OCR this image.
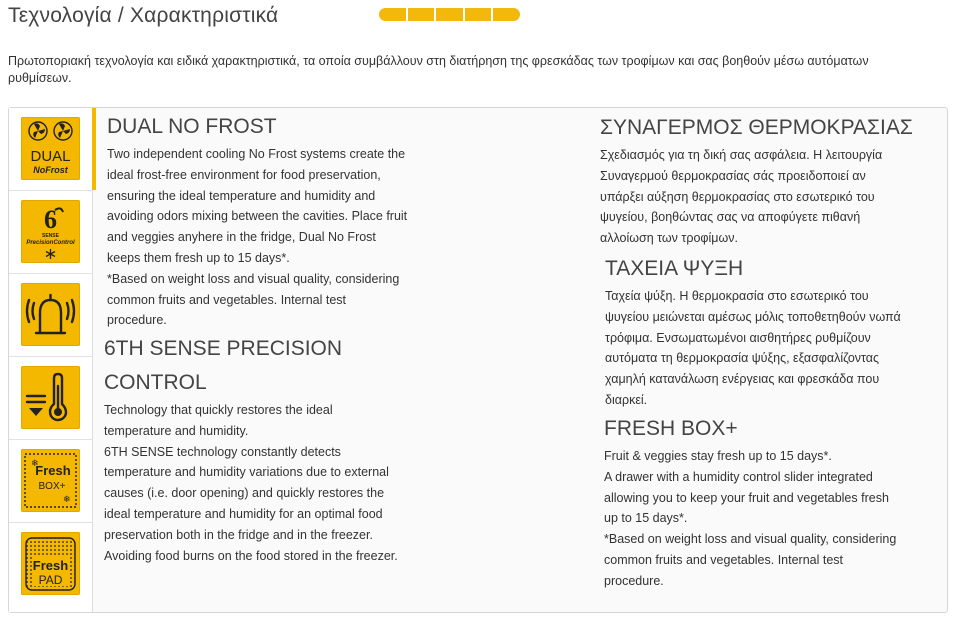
Τεχνολογία / Χαρακτηριστικά
Πρωτοποριακή τεχνολογία και ειδικά χαρακτηριστικά, τα οποία συμβάλλουν στη διατήρηση της φρεσκάδας των τροφίμων και σας βοηθούν μέσω αυτόματων ρυθμίσεων.
DUAL
NoFrost
6
SENSE
PrecisionControl
Fresh
BOX+
❄
❄
Fresh
PAD
DUAL NO FROST
Two independent cooling No Frost systems create the
ideal frost-free environment for food preservation,
ensuring the ideal temperature and humidity and
avoiding odors mixing between the cavities. Place fruit
and veggies anyhere in the fridge, Dual No Frost
keeps them fresh up to 15 days*.
*Based on weight loss and visual quality, considering
common fruits and vegetables. Internal test
procedure.
6TH SENSE PRECISION
CONTROL
Technology that quickly restores the ideal
temperature and humidity.
6TH SENSE technology constantly detects
temperature and humidity variations due to external
causes (i.e. door opening) and quickly restores the
ideal temperature and humidity for an optimal food
preservation both in the fridge and in the freezer.
Avoiding food burns on the food stored in the freezer.
ΣΥΝΑΓΕΡΜΟΣ ΘΕΡΜΟΚΡΑΣΙΑΣ
Σχεδιασμός για τη δική σας ασφάλεια. Η λειτουργία
Συναγερμού θερμοκρασίας σάς προειδοποιεί αν
υπάρξει αύξηση θερμοκρασίας στο εσωτερικό του
ψυγείου, βοηθώντας σας να αποφύγετε πιθανή
αλλοίωση των τροφίμων.
ΤΑΧΕΙΑ ΨΥΞΗ
Ταχεία ψύξη. Η θερμοκρασία στο εσωτερικό του
ψυγείου μειώνεται αμέσως μόλις τοποθετηθούν νωπά
τρόφιμα. Ενσωματωμένοι αισθητήρες ρυθμίζουν
αυτόματα τη θερμοκρασία ψύξης, εξασφαλίζοντας
χαμηλή κατανάλωση ενέργειας και φρεσκάδα που
διαρκεί.
FRESH BOX+
Fruit & veggies stay fresh up to 15 days*.
A drawer with a humidity control slider integrated
allowing you to keep your fruit and vegetables fresh
up to 15 days*.
*Based on weight loss and visual quality, considering
common fruits and vegetables. Internal test
procedure.
